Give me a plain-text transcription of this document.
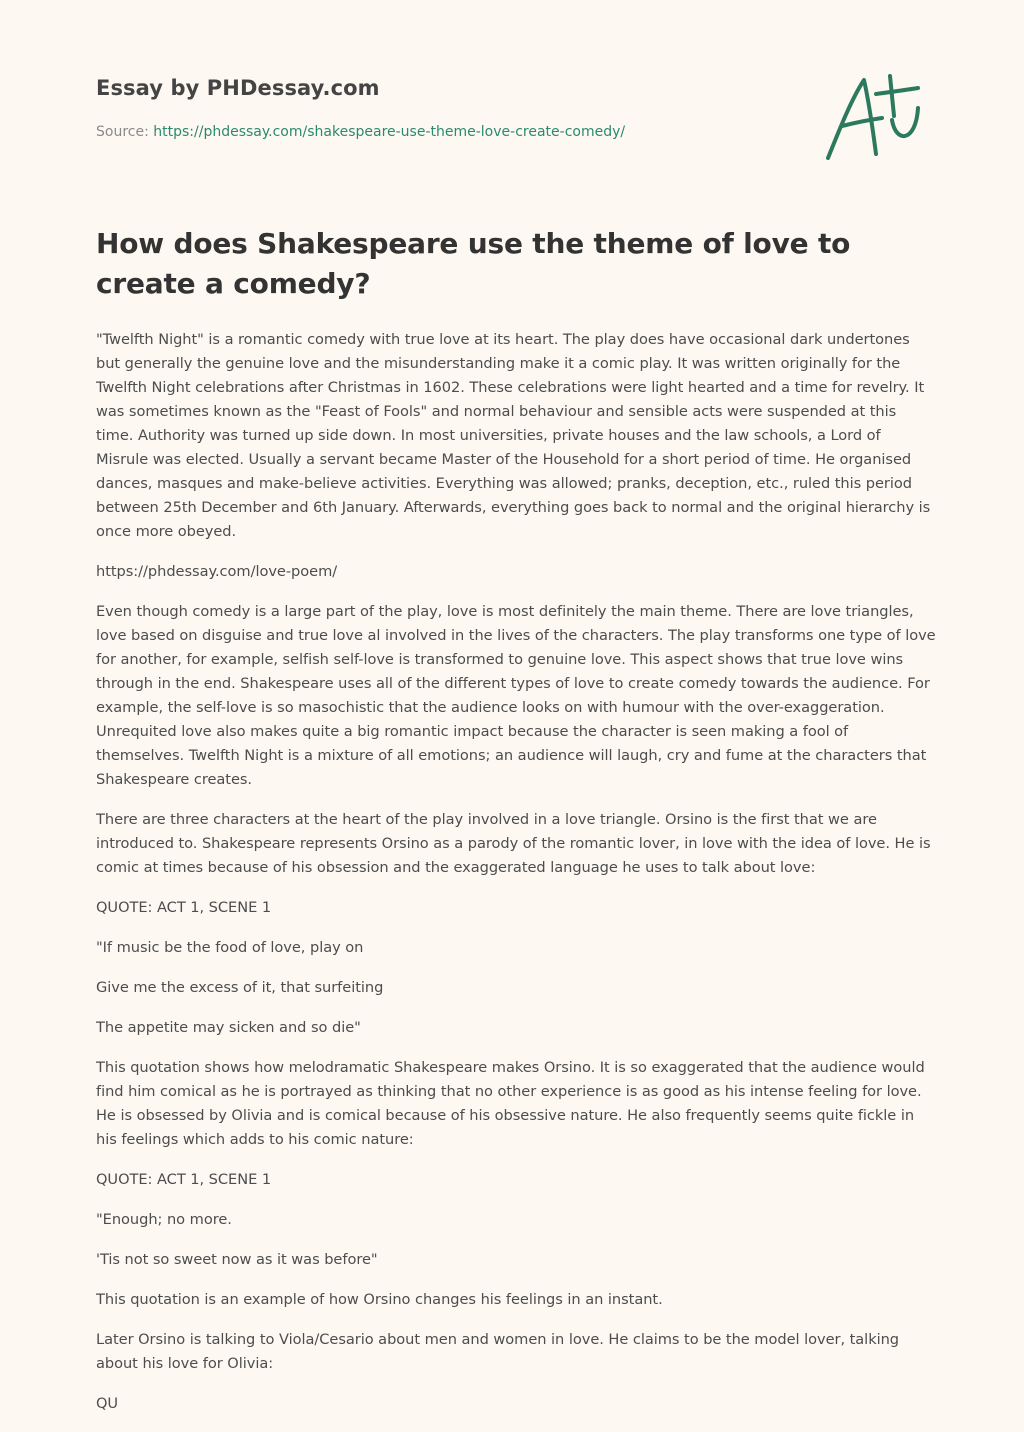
Essay by PHDessay.com
Source: https://phdessay.com/shakespeare-use-theme-love-create-comedy/
How does Shakespeare use the theme of love to create a comedy?

"Twelfth Night" is a romantic comedy with true love at its heart. The play does have occasional dark undertones but generally the genuine love and the misunderstanding make it a comic play. It was written originally for the Twelfth Night celebrations after Christmas in 1602. These celebrations were light hearted and a time for revelry. It was sometimes known as the "Feast of Fools" and normal behaviour and sensible acts were suspended at this time. Authority was turned up side down. In most universities, private houses and the law schools, a Lord of Misrule was elected. Usually a servant became Master of the Household for a short period of time. He organised dances, masques and make-believe activities. Everything was allowed; pranks, deception, etc., ruled this period between 25th December and 6th January. Afterwards, everything goes back to normal and the original hierarchy is once more obeyed.

https://phdessay.com/love-poem/

Even though comedy is a large part of the play, love is most definitely the main theme. There are love triangles, love based on disguise and true love al involved in the lives of the characters. The play transforms one type of love for another, for example, selfish self-love is transformed to genuine love. This aspect shows that true love wins through in the end. Shakespeare uses all of the different types of love to create comedy towards the audience. For example, the self-love is so masochistic that the audience looks on with humour with the over-exaggeration. Unrequited love also makes quite a big romantic impact because the character is seen making a fool of themselves. Twelfth Night is a mixture of all emotions; an audience will laugh, cry and fume at the characters that Shakespeare creates.

There are three characters at the heart of the play involved in a love triangle. Orsino is the first that we are introduced to. Shakespeare represents Orsino as a parody of the romantic lover, in love with the idea of love. He is comic at times because of his obsession and the exaggerated language he uses to talk about love:

QUOTE: ACT 1, SCENE 1

"If music be the food of love, play on

Give me the excess of it, that surfeiting

The appetite may sicken and so die"

This quotation shows how melodramatic Shakespeare makes Orsino. It is so exaggerated that the audience would find him comical as he is portrayed as thinking that no other experience is as good as his intense feeling for love. He is obsessed by Olivia and is comical because of his obsessive nature. He also frequently seems quite fickle in his feelings which adds to his comic nature:

QUOTE: ACT 1, SCENE 1

"Enough; no more.

'Tis not so sweet now as it was before"

This quotation is an example of how Orsino changes his feelings in an instant.

Later Orsino is talking to Viola/Cesario about men and women in love. He claims to be the model lover, talking about his love for Olivia:

QU
